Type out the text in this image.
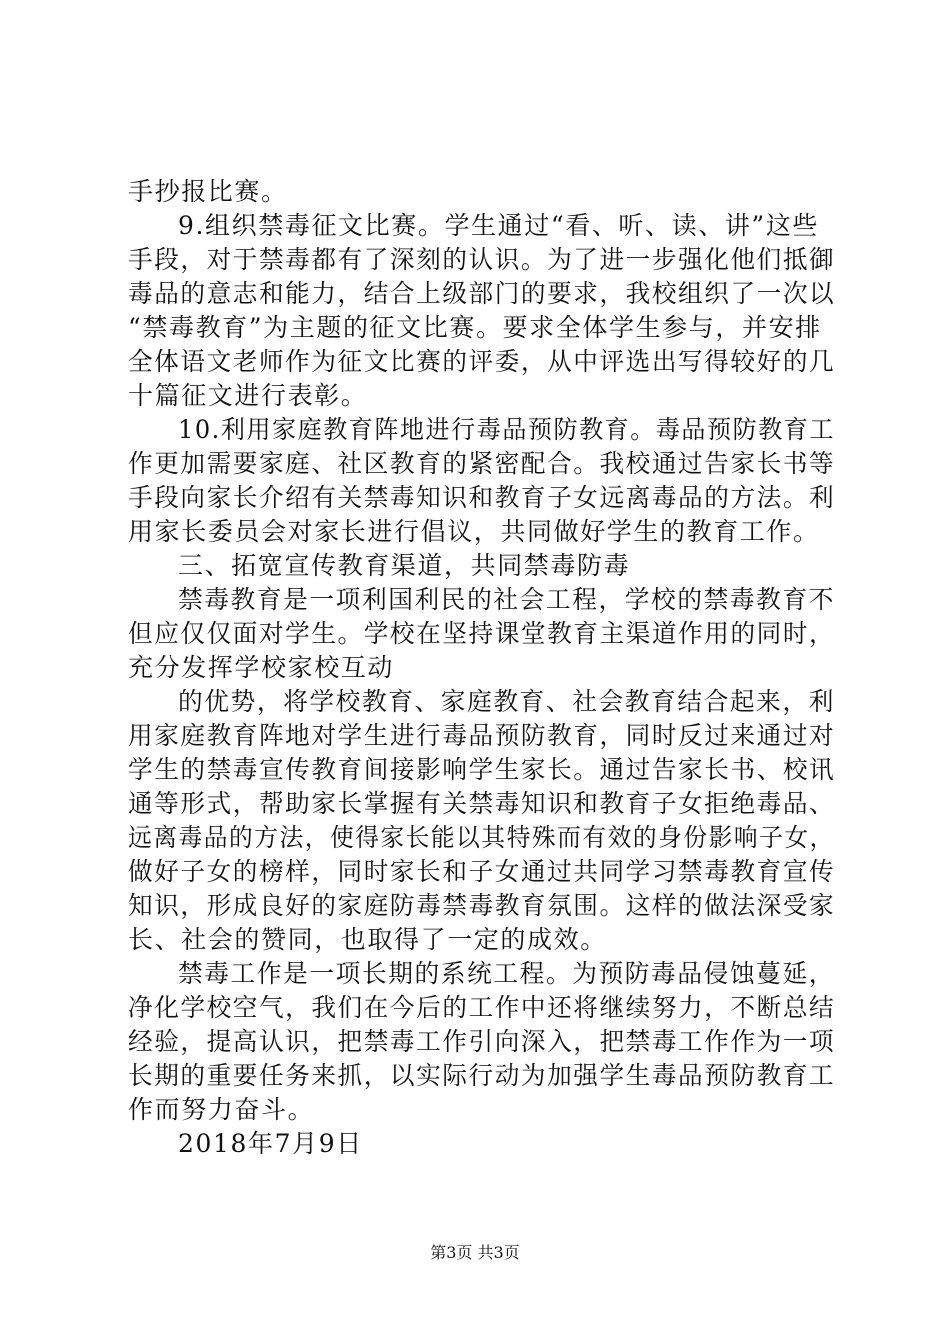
手抄报比赛。

9.组织禁毒征文比赛。学生通过“看、听、读、讲”这些

手段，对于禁毒都有了深刻的认识。为了进一步强化他们抵御

毒品的意志和能力，结合上级部门的要求，我校组织了一次以

“禁毒教育”为主题的征文比赛。要求全体学生参与，并安排

全体语文老师作为征文比赛的评委，从中评选出写得较好的几

十篇征文进行表彰。

10.利用家庭教育阵地进行毒品预防教育。毒品预防教育工

作更加需要家庭、社区教育的紧密配合。我校通过告家长书等

手段向家长介绍有关禁毒知识和教育子女远离毒品的方法。利

用家长委员会对家长进行倡议，共同做好学生的教育工作。

三、拓宽宣传教育渠道，共同禁毒防毒

禁毒教育是一项利国利民的社会工程，学校的禁毒教育不

但应仅仅面对学生。学校在坚持课堂教育主渠道作用的同时，

充分发挥学校家校互动

的优势，将学校教育、家庭教育、社会教育结合起来，利

用家庭教育阵地对学生进行毒品预防教育，同时反过来通过对

学生的禁毒宣传教育间接影响学生家长。通过告家长书、校讯

通等形式，帮助家长掌握有关禁毒知识和教育子女拒绝毒品、

远离毒品的方法，使得家长能以其特殊而有效的身份影响子女，

做好子女的榜样，同时家长和子女通过共同学习禁毒教育宣传

知识，形成良好的家庭防毒禁毒教育氛围。这样的做法深受家

长、社会的赞同，也取得了一定的成效。

禁毒工作是一项长期的系统工程。为预防毒品侵蚀蔓延，

净化学校空气，我们在今后的工作中还将继续努力，不断总结

经验，提高认识，把禁毒工作引向深入，把禁毒工作作为一项

长期的重要任务来抓，以实际行动为加强学生毒品预防教育工

作而努力奋斗。

2018年7月9日

第3页 共3页
